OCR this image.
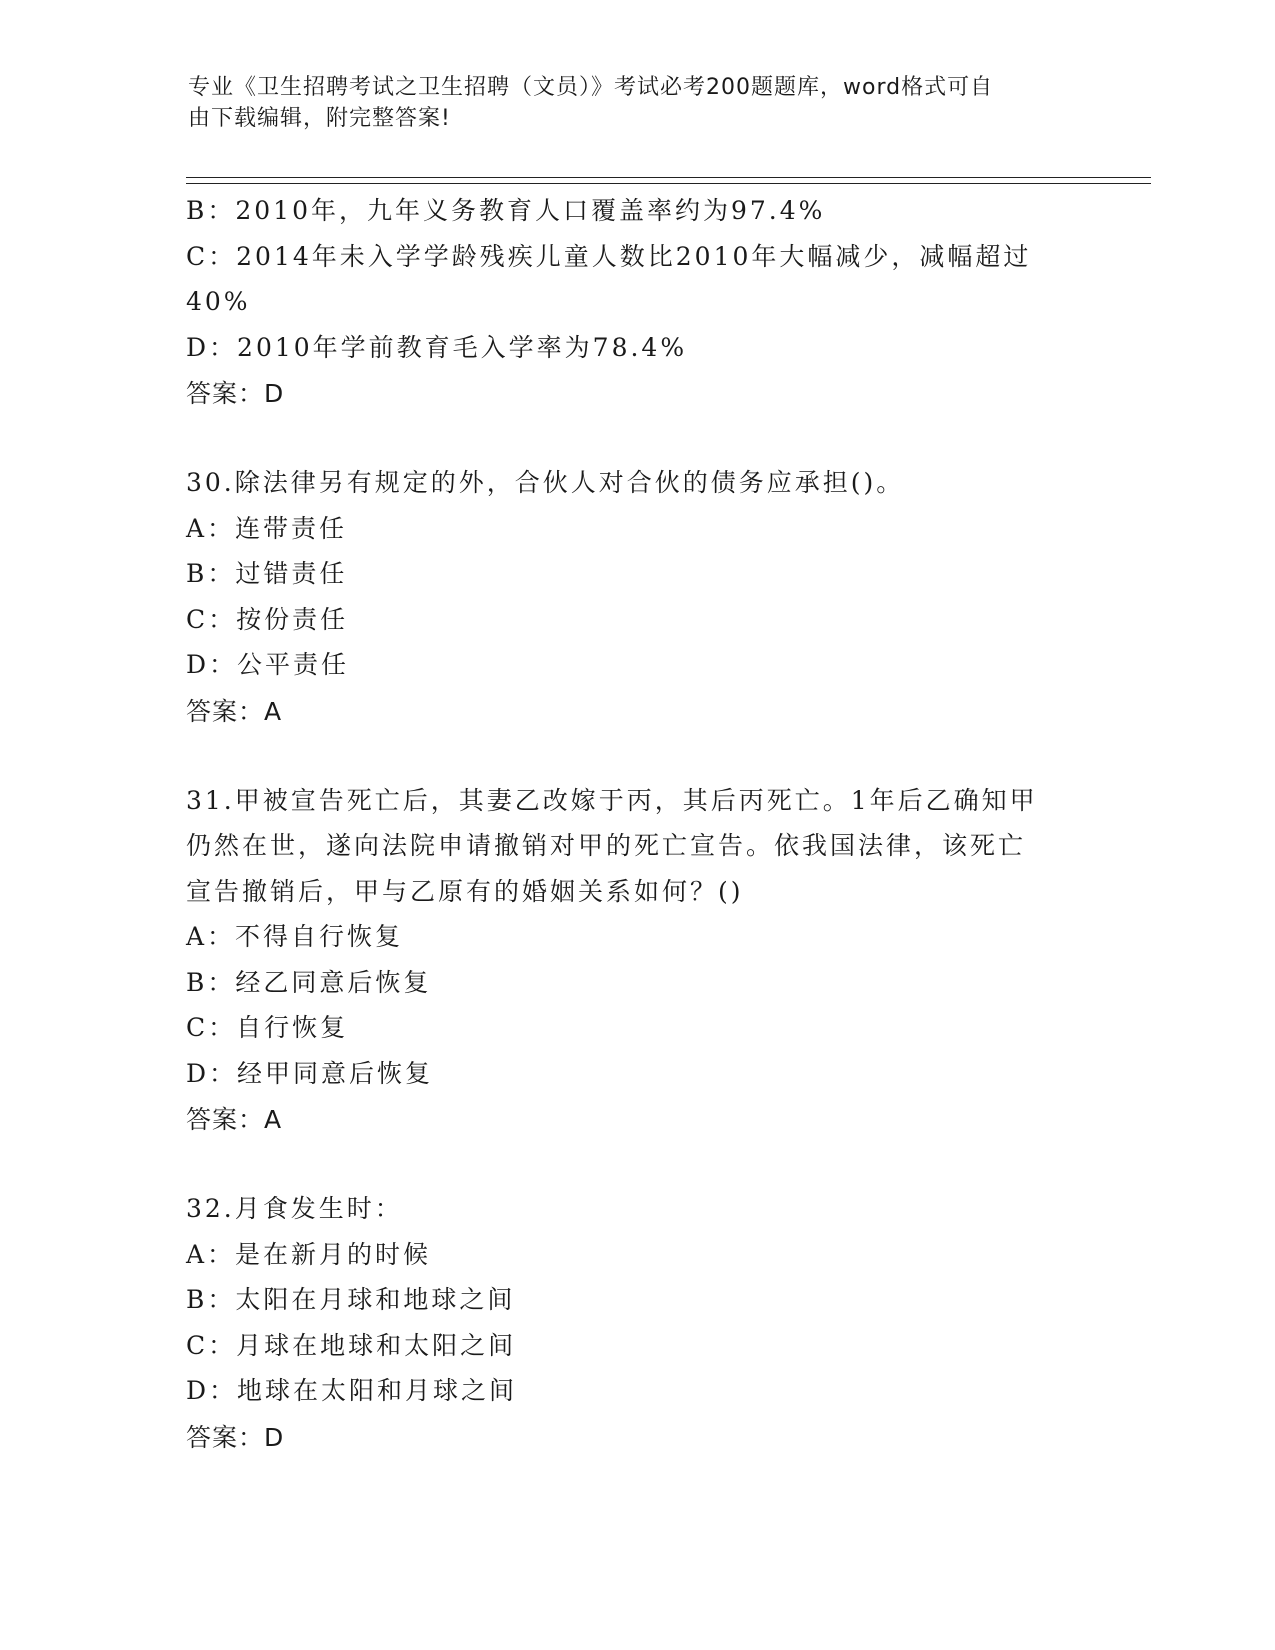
专业《卫生招聘考试之卫生招聘（文员）》考试必考200题题库，word格式可自
由下载编辑，附完整答案!
B：2010年，九年义务教育人口覆盖率约为97.4%
C：2014年未入学学龄残疾儿童人数比2010年大幅减少，减幅超过
40%
D：2010年学前教育毛入学率为78.4%
答案：D
30.除法律另有规定的外，合伙人对合伙的债务应承担()。
A：连带责任
B：过错责任
C：按份责任
D：公平责任
答案：A
31.甲被宣告死亡后，其妻乙改嫁于丙，其后丙死亡。1年后乙确知甲
仍然在世，遂向法院申请撤销对甲的死亡宣告。依我国法律，该死亡
宣告撤销后，甲与乙原有的婚姻关系如何？()
A：不得自行恢复
B：经乙同意后恢复
C：自行恢复
D：经甲同意后恢复
答案：A
32.月食发生时：
A：是在新月的时候
B：太阳在月球和地球之间
C：月球在地球和太阳之间
D：地球在太阳和月球之间
答案：D
